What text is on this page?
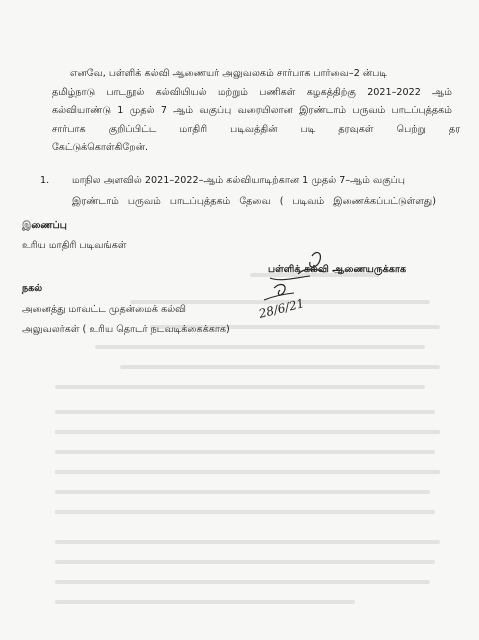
எனவே, பள்ளிக் கல்வி ஆணையர் அலுவலகம் சார்பாக பார்வை–2 ன்படி
தமிழ்நாடு பாடநூல் கல்வியியல் மற்றும் பணிகள் கழகத்திற்கு 2021–2022 ஆம்
கல்வியாண்டு 1 முதல் 7 ஆம் வகுப்பு வரையிலான இரண்டாம் பருவம் பாடப்புத்தகம்
சார்பாக குறிப்பிட்ட மாதிரி படிவத்தின் படி தரவுகள் பெற்று தர
கேட்டுக்கொள்கிறேன்.
1. மாநில அளவில் 2021–2022–ஆம் கல்வியாடிற்கான 1 முதல் 7–ஆம் வகுப்பு
இரண்டாம் பருவம் பாடப்புத்தகம் தேவை ( படிவம் இணைக்கப்பட்டுள்ளது)
இணைப்பு
உரிய மாதிரி படிவங்கள்
பள்ளிக் கல்வி ஆணையருக்காக
28/6/21
நகல்
அனைத்து மாவட்ட முதன்மைக் கல்வி
அலுவலர்கள் ( உரிய தொடர் நடவடிக்கைக்காக)
